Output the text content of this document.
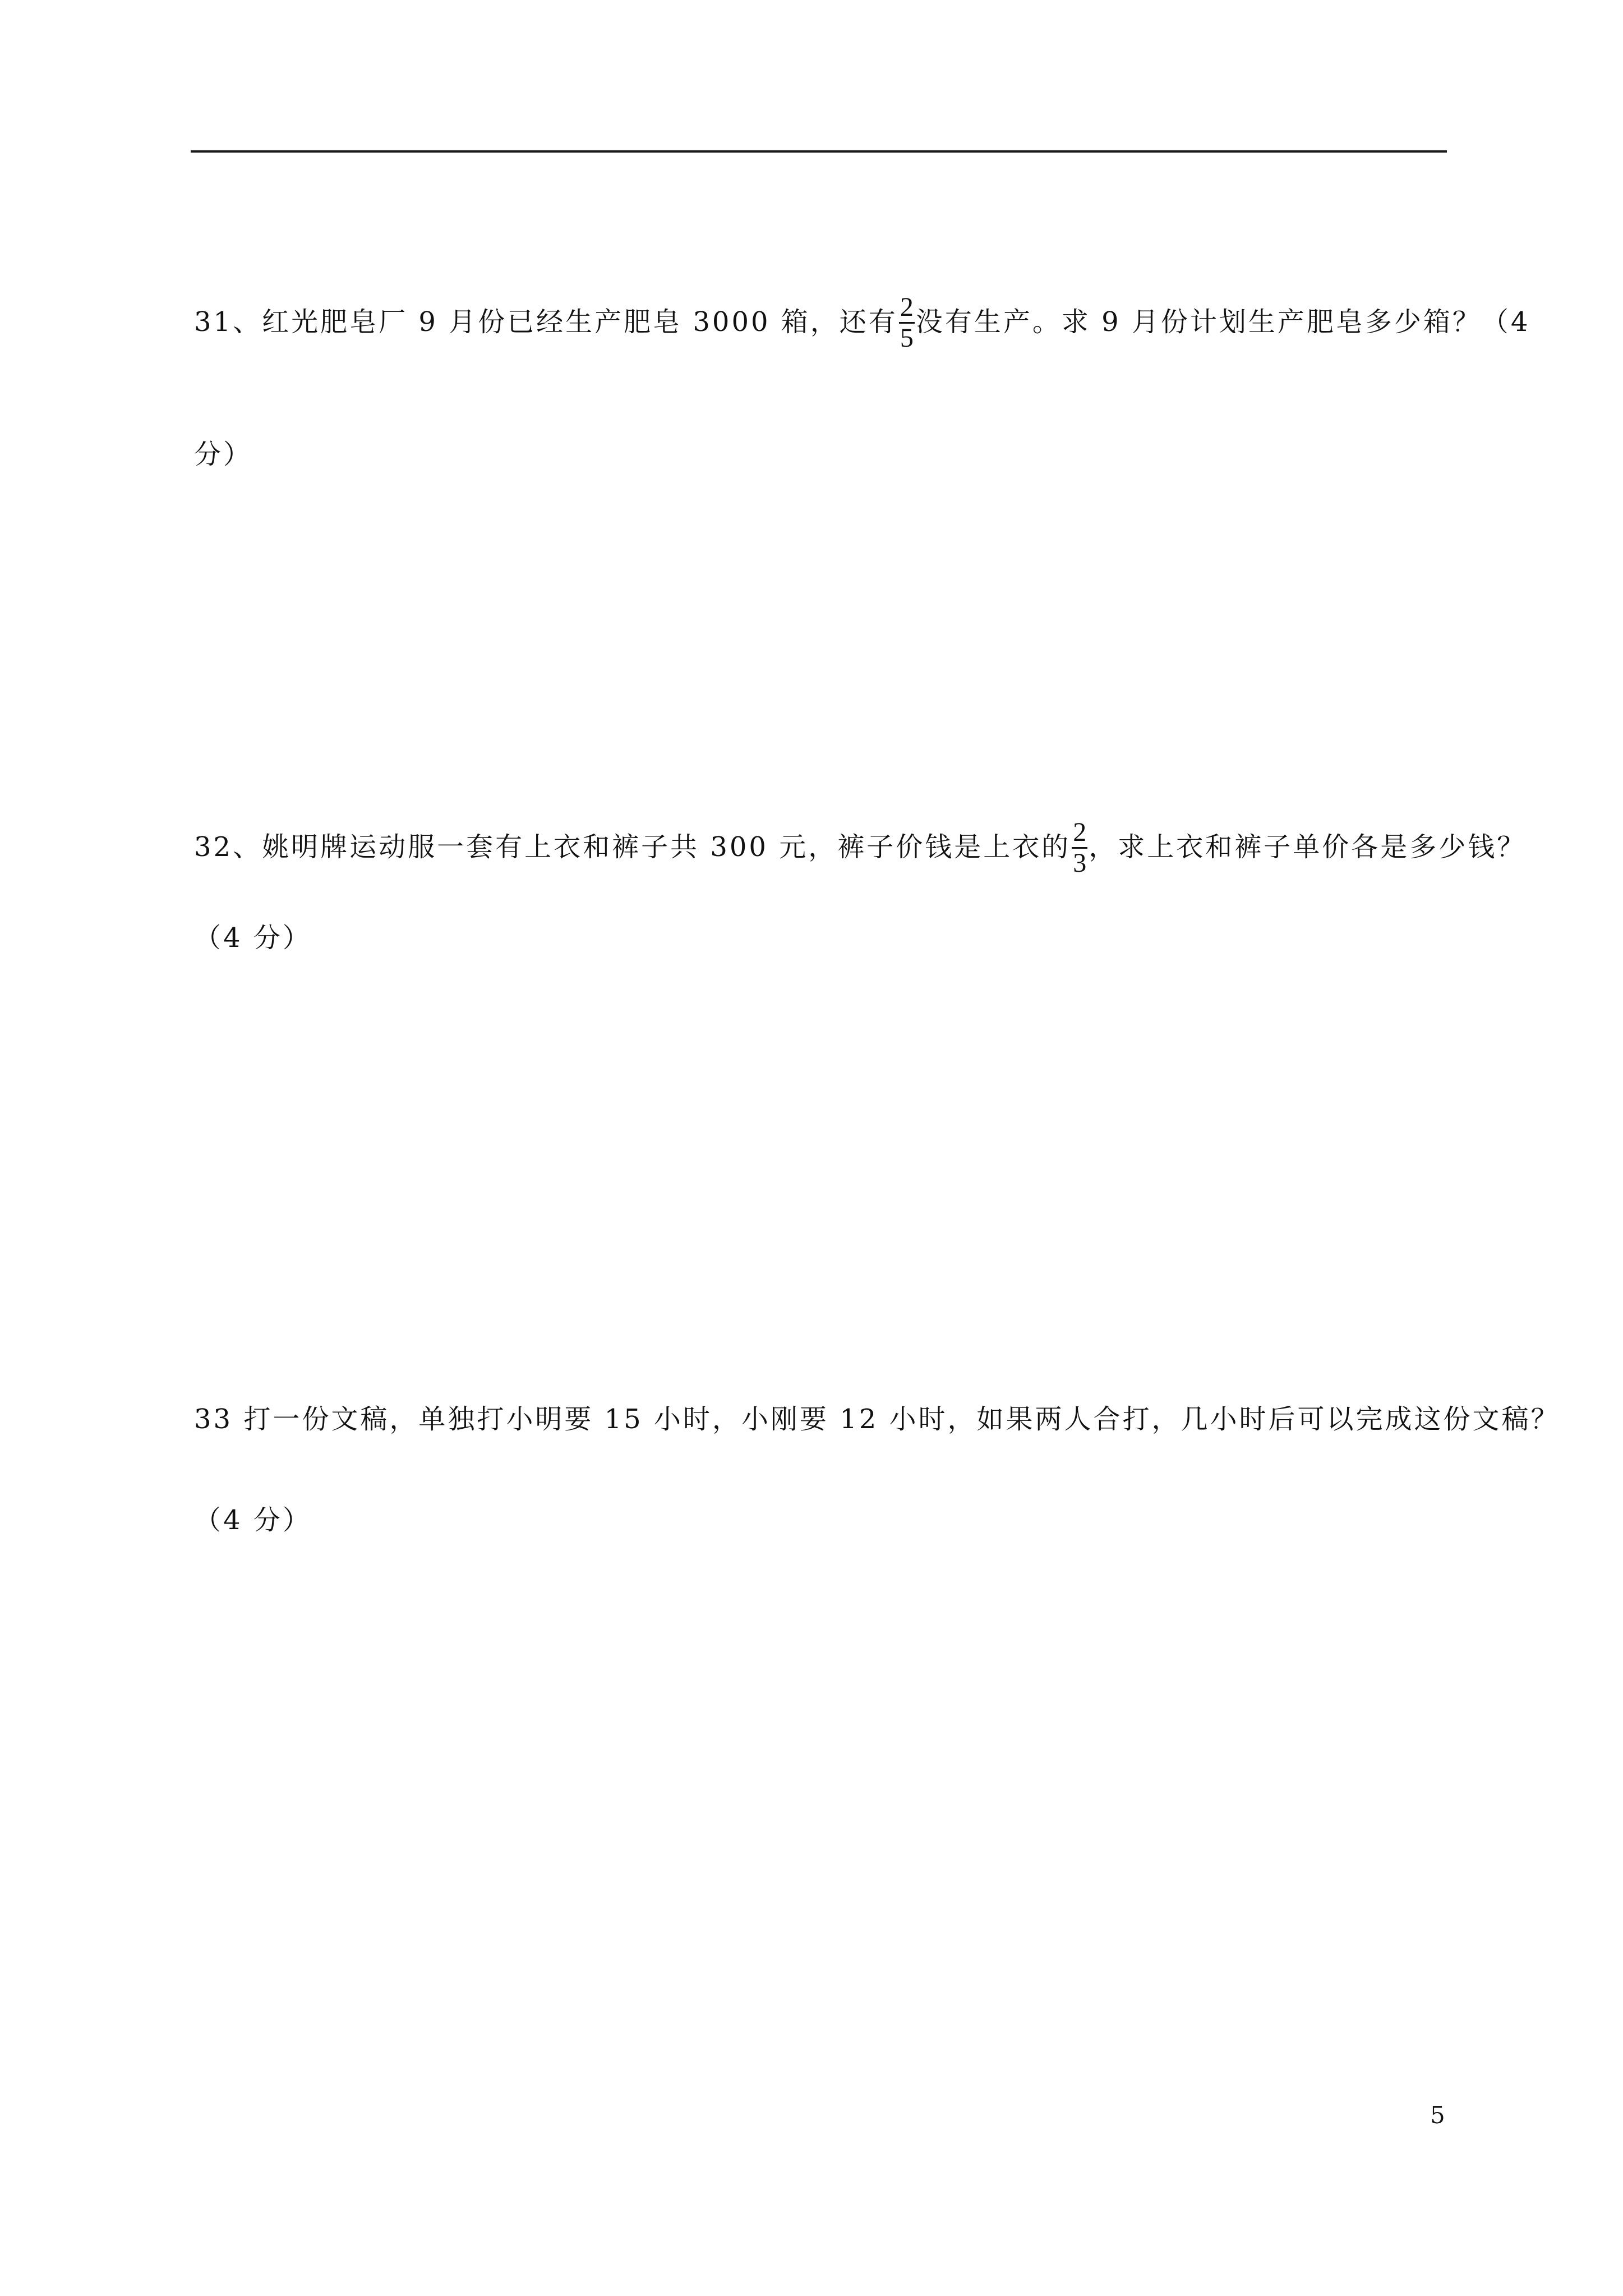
31、红光肥皂厂 9 月份已经生产肥皂 3000 箱，还有 $\frac{2}{5}$ 没有生产。求 9 月份计划生产肥皂多少箱？（4
分）
32、姚明牌运动服一套有上衣和裤子共 300 元，裤子价钱是上衣的 $\frac{2}{3}$ ，求上衣和裤子单价各是多少钱？
（4 分）
33 打一份文稿，单独打小明要 15 小时，小刚要 12 小时，如果两人合打，几小时后可以完成这份文稿？
（4 分）
5
